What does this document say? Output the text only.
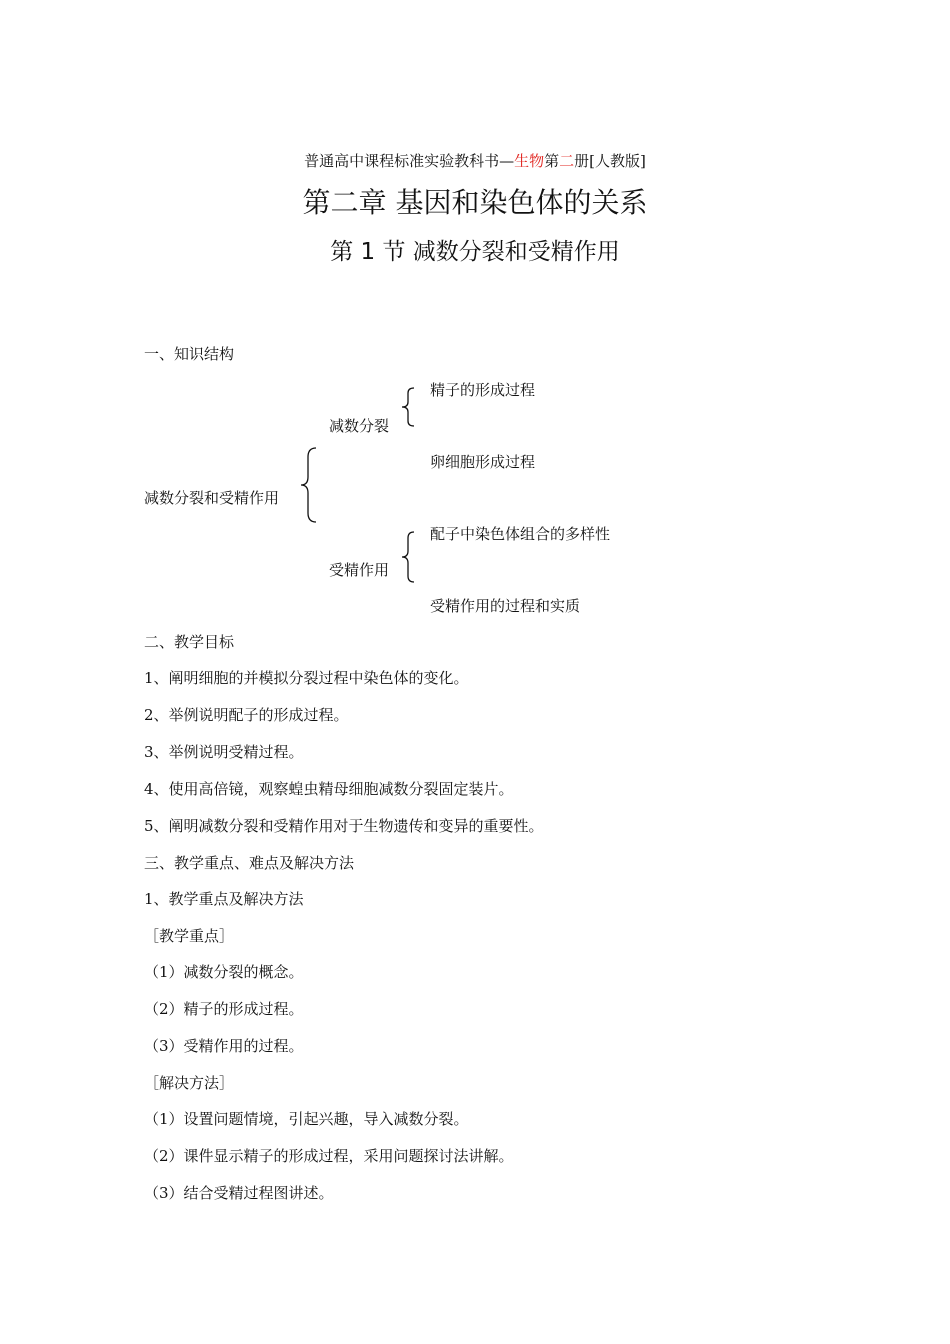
普通高中课程标准实验教科书—生物第二册[人教版]
第二章 基因和染色体的关系
第 1 节 减数分裂和受精作用
一、知识结构
减数分裂和受精作用
减数分裂
精子的形成过程
卵细胞形成过程
受精作用
配子中染色体组合的多样性
受精作用的过程和实质
二、教学目标
1、阐明细胞的并模拟分裂过程中染色体的变化。
2、举例说明配子的形成过程。
3、举例说明受精过程。
4、使用高倍镜，观察蝗虫精母细胞减数分裂固定装片。
5、阐明减数分裂和受精作用对于生物遗传和变异的重要性。
三、教学重点、难点及解决方法
1、教学重点及解决方法
［教学重点］
（1）减数分裂的概念。
（2）精子的形成过程。
（3）受精作用的过程。
［解决方法］
（1）设置问题情境，引起兴趣，导入减数分裂。
（2）课件显示精子的形成过程，采用问题探讨法讲解。
（3）结合受精过程图讲述。
